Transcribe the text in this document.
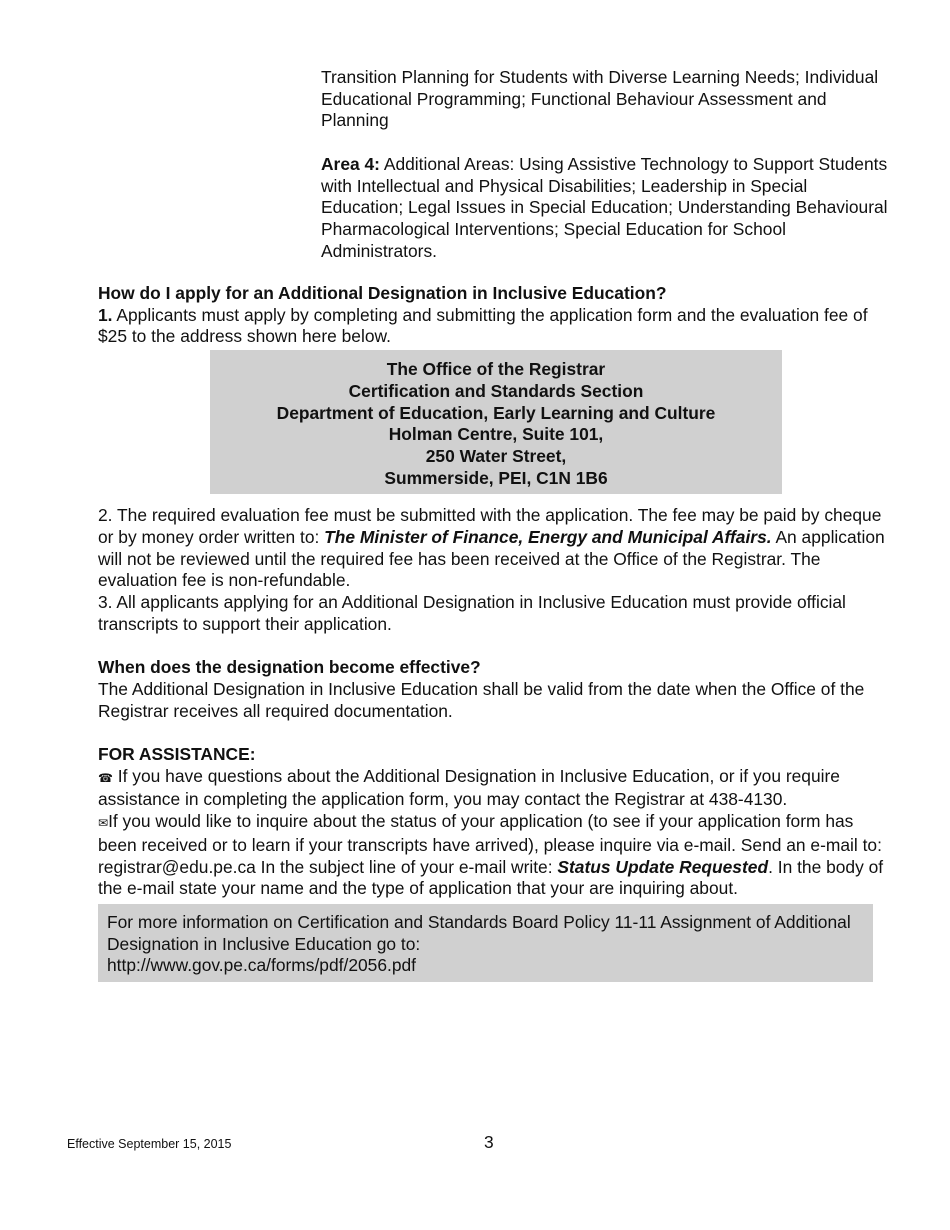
Transition Planning for Students with Diverse Learning Needs; Individual Educational Programming; Functional Behaviour Assessment and Planning

Area 4: Additional Areas: Using Assistive Technology to Support Students with Intellectual and Physical Disabilities; Leadership in Special Education; Legal Issues in Special Education; Understanding Behavioural Pharmacological Interventions; Special Education for School Administrators.

How do I apply for an Additional Designation in Inclusive Education?

1. Applicants must apply by completing and submitting the application form and the evaluation fee of $25 to the address shown here below.

The Office of the Registrar

Certification and Standards Section

Department of Education, Early Learning and Culture

Holman Centre, Suite 101,

250 Water Street,

Summerside, PEI, C1N 1B6

2. The required evaluation fee must be submitted with the application. The fee may be paid by cheque or by money order written to: The Minister of Finance, Energy and Municipal Affairs. An application will not be reviewed until the required fee has been received at the Office of the Registrar. The evaluation fee is non-refundable.

3. All applicants applying for an Additional Designation in Inclusive Education must provide official transcripts to support their application.

When does the designation become effective?

The Additional Designation in Inclusive Education shall be valid from the date when the Office of the Registrar receives all required documentation.

FOR ASSISTANCE:

☎ If you have questions about the Additional Designation in Inclusive Education, or if you require assistance in completing the application form, you may contact the Registrar at 438-4130.

✉If you would like to inquire about the status of your application (to see if your application form has been received or to learn if your transcripts have arrived), please inquire via e-mail. Send an e-mail to: registrar@edu.pe.ca In the subject line of your e-mail write: Status Update Requested. In the body of the e-mail state your name and the type of application that your are inquiring about.

For more information on Certification and Standards Board Policy 11-11 Assignment of Additional Designation in Inclusive Education go to:

http://www.gov.pe.ca/forms/pdf/2056.pdf

Effective September 15, 2015	3
